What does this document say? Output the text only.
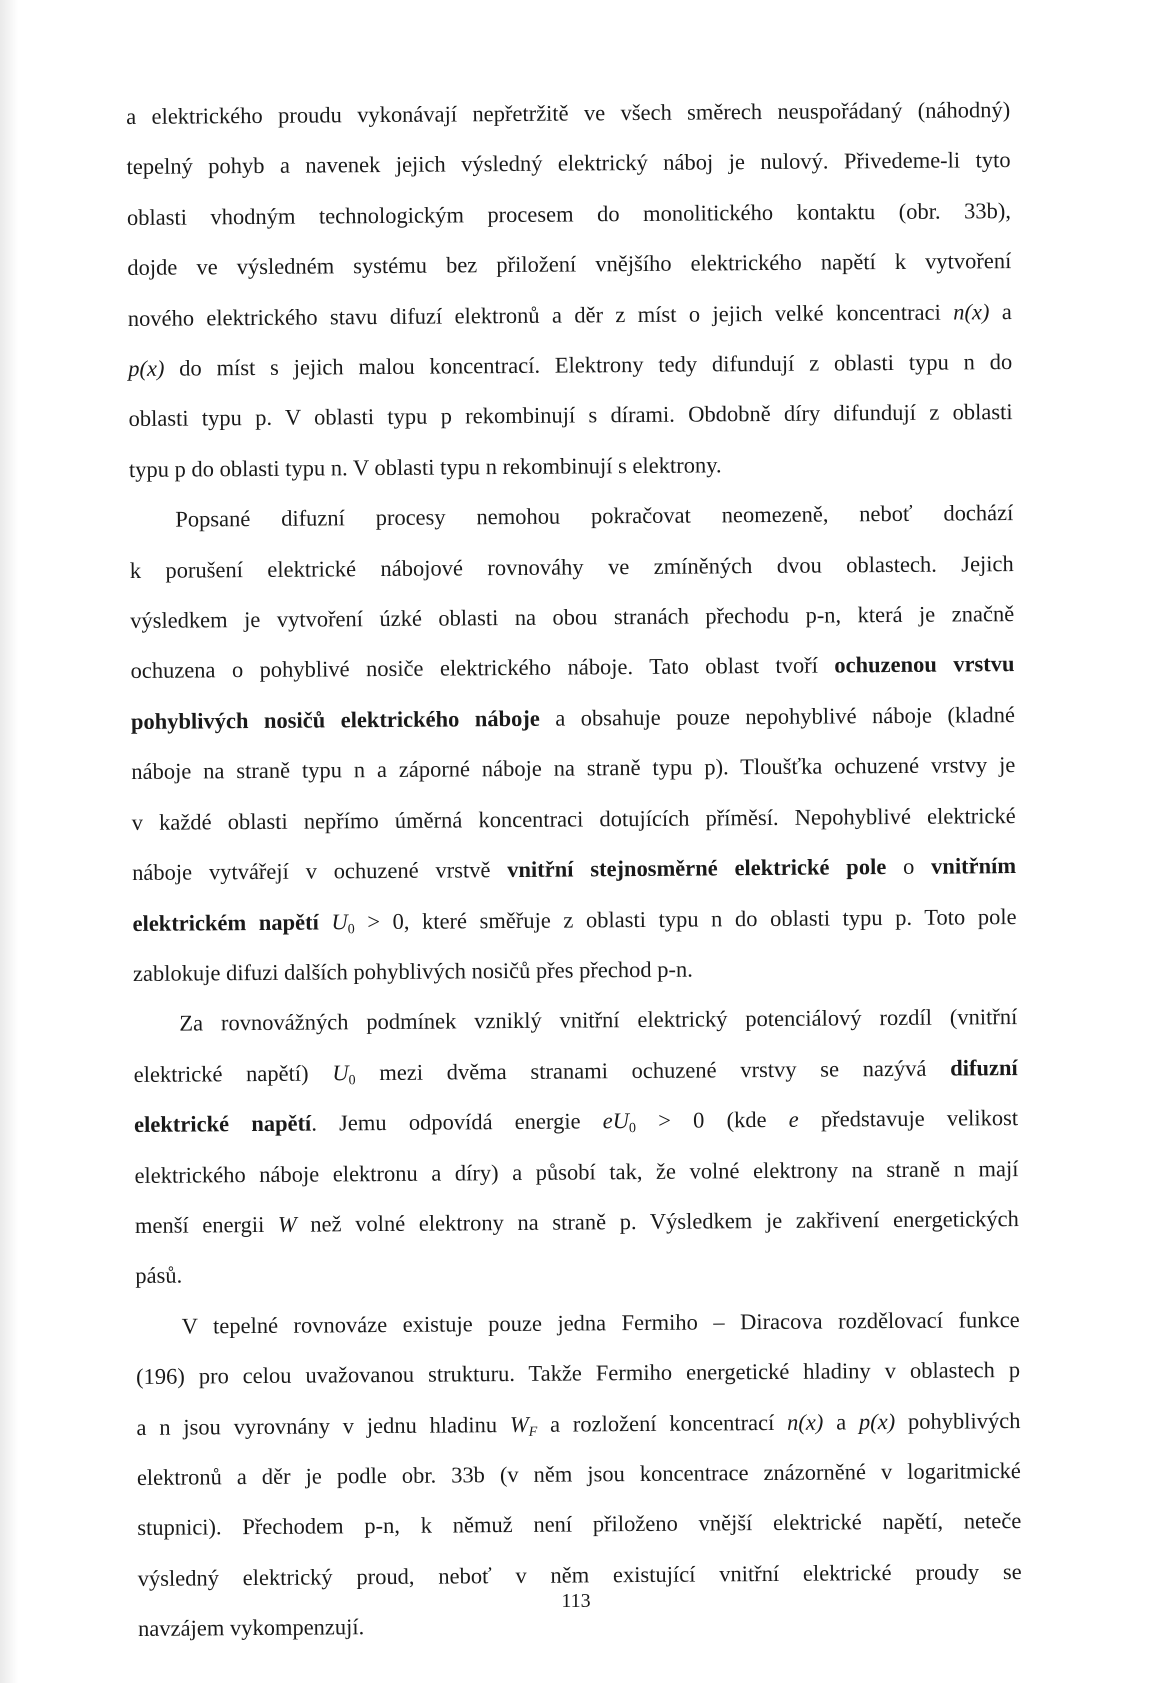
a elektrického proudu vykonávají nepřetržitě ve všech směrech neuspořádaný (náhodný)
tepelný pohyb a navenek jejich výsledný elektrický náboj je nulový. Přivedeme-li tyto
oblasti vhodným technologickým procesem do monolitického kontaktu (obr. 33b),
dojde ve výsledném systému bez přiložení vnějšího elektrického napětí k vytvoření
nového elektrického stavu difuzí elektronů a děr z míst o jejich velké koncentraci n(x) a
p(x) do míst s jejich malou koncentrací. Elektrony tedy difundují z oblasti typu n do
oblasti typu p. V oblasti typu p rekombinují s dírami. Obdobně díry difundují z oblasti
typu p do oblasti typu n. V oblasti typu n rekombinují s elektrony.

Popsané difuzní procesy nemohou pokračovat neomezeně, neboť dochází
k porušení elektrické nábojové rovnováhy ve zmíněných dvou oblastech. Jejich
výsledkem je vytvoření úzké oblasti na obou stranách přechodu p-n, která je značně
ochuzena o pohyblivé nosiče elektrického náboje. Tato oblast tvoří ochuzenou vrstvu
pohyblivých nosičů elektrického náboje a obsahuje pouze nepohyblivé náboje (kladné
náboje na straně typu n a záporné náboje na straně typu p). Tloušťka ochuzené vrstvy je
v každé oblasti nepřímo úměrná koncentraci dotujících příměsí. Nepohyblivé elektrické
náboje vytvářejí v ochuzené vrstvě vnitřní stejnosměrné elektrické pole o vnitřním
elektrickém napětí $U_0 > 0$, které směřuje z oblasti typu n do oblasti typu p. Toto pole
zablokuje difuzi dalších pohyblivých nosičů přes přechod p-n.

Za rovnovážných podmínek vzniklý vnitřní elektrický potenciálový rozdíl (vnitřní
elektrické napětí) $U_0$ mezi dvěma stranami ochuzené vrstvy se nazývá difuzní
elektrické napětí. Jemu odpovídá energie $eU_0 > 0$ (kde e představuje velikost
elektrického náboje elektronu a díry) a působí tak, že volné elektrony na straně n mají
menší energii W než volné elektrony na straně p. Výsledkem je zakřivení energetických
pásů.

V tepelné rovnováze existuje pouze jedna Fermiho – Diracova rozdělovací funkce
(196) pro celou uvažovanou strukturu. Takže Fermiho energetické hladiny v oblastech p
a n jsou vyrovnány v jednu hladinu $W_F$ a rozložení koncentrací n(x) a p(x) pohyblivých
elektronů a děr je podle obr. 33b (v něm jsou koncentrace znázorněné v logaritmické
stupnici). Přechodem p-n, k němuž není přiloženo vnější elektrické napětí, neteče
výsledný elektrický proud, neboť v něm existující vnitřní elektrické proudy se
navzájem vykompenzují.

113
